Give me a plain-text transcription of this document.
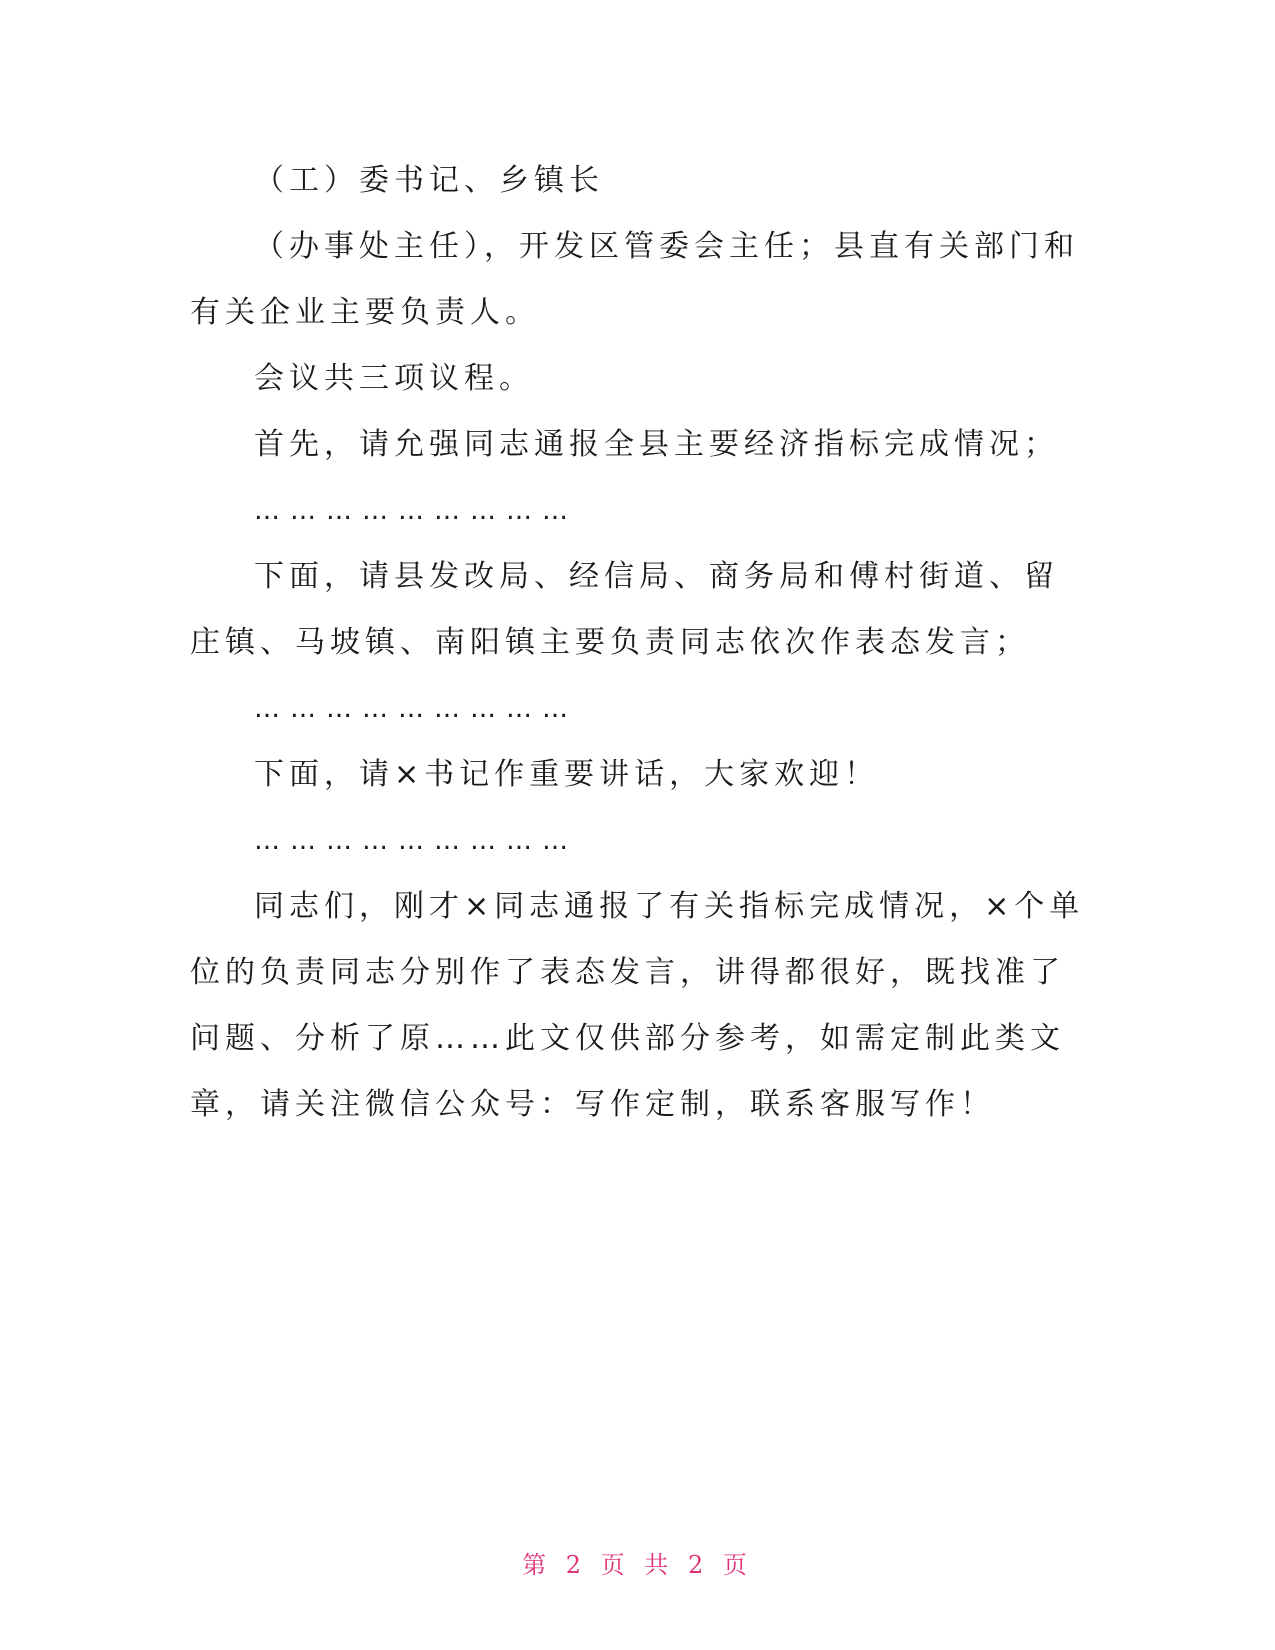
（工）委书记、乡镇长

（办事处主任），开发区管委会主任；县直有关部门和有关企业主要负责人。

会议共三项议程。

首先，请允强同志通报全县主要经济指标完成情况；

………………………

下面，请县发改局、经信局、商务局和傅村街道、留庄镇、马坡镇、南阳镇主要负责同志依次作表态发言；

………………………

下面，请×书记作重要讲话，大家欢迎！

………………………

同志们，刚才×同志通报了有关指标完成情况，×个单位的负责同志分别作了表态发言，讲得都很好，既找准了问题、分析了原……此文仅供部分参考，如需定制此类文章，请关注微信公众号：写作定制，联系客服写作！

第 2 页 共 2 页
